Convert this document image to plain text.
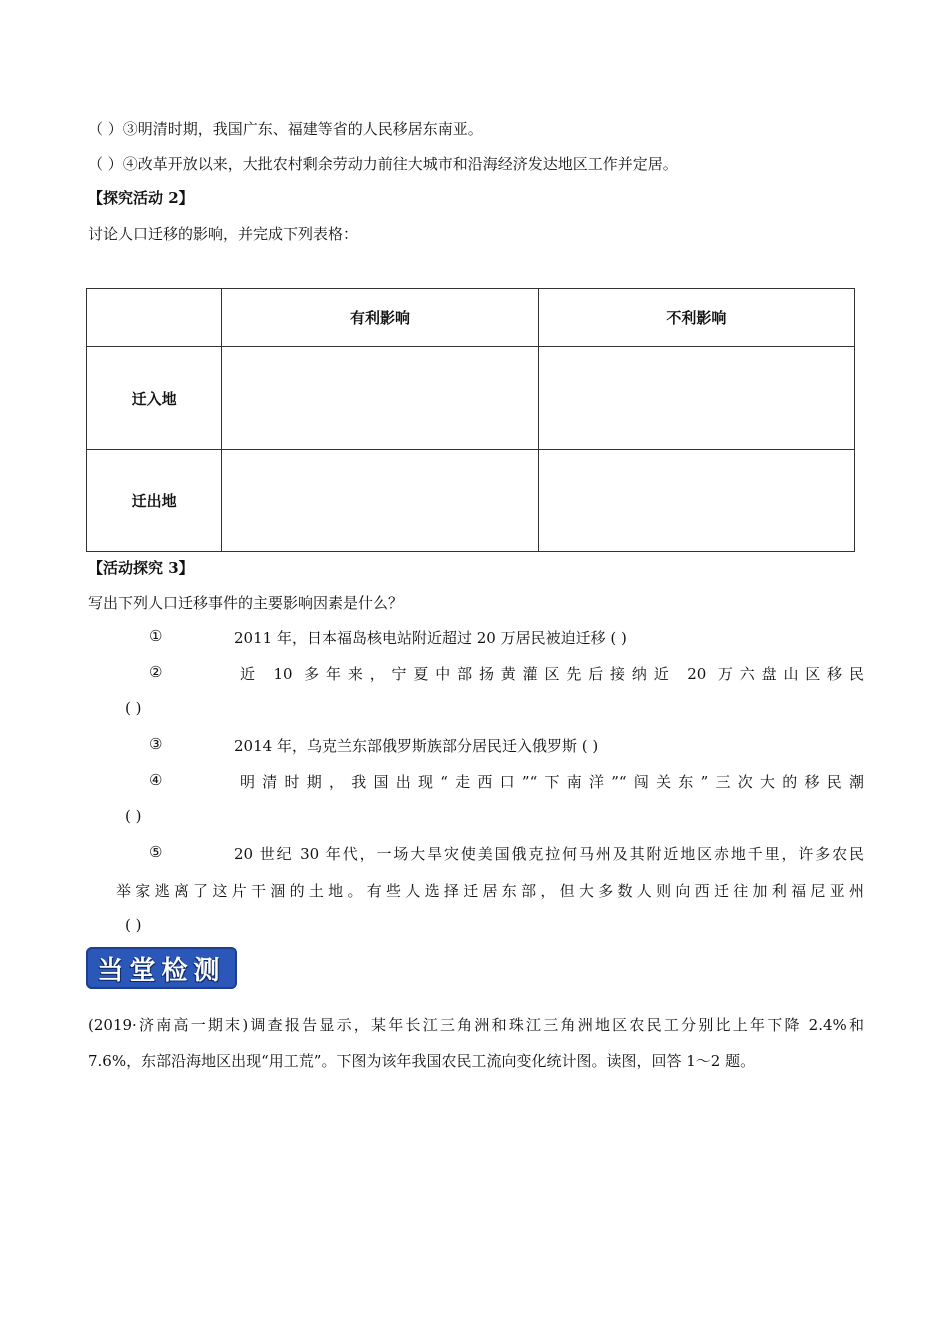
（ ）③明清时期，我国广东、福建等省的人民移居东南亚。
（ ）④改革开放以来，大批农村剩余劳动力前往大城市和沿海经济发达地区工作并定居。
【探究活动 2】
讨论人口迁移的影响，并完成下列表格：
	有利影响	不利影响
迁入地		
迁出地		
【活动探究 3】
写出下列人口迁移事件的主要影响因素是什么？
①	2011 年，日本福岛核电站附近超过 20 万居民被迫迁移 ( )
②	近 10 多年来，宁夏中部扬黄灌区先后接纳近 20 万六盘山区移民
( )
③	2014 年，乌克兰东部俄罗斯族部分居民迁入俄罗斯 ( )
④	明清时期，我国出现“走西口”“下南洋”“闯关东”三次大的移民潮
( )
⑤	20 世纪 30 年代，一场大旱灾使美国俄克拉何马州及其附近地区赤地千里，许多农民
举家逃离了这片干涸的土地。有些人选择迁居东部，但大多数人则向西迁往加利福尼亚州
( )
当堂检测
(2019·济南高一期末)调查报告显示，某年长江三角洲和珠江三角洲地区农民工分别比上年下降 2.4%和
7.6%，东部沿海地区出现“用工荒”。下图为该年我国农民工流向变化统计图。读图，回答 1～2 题。
